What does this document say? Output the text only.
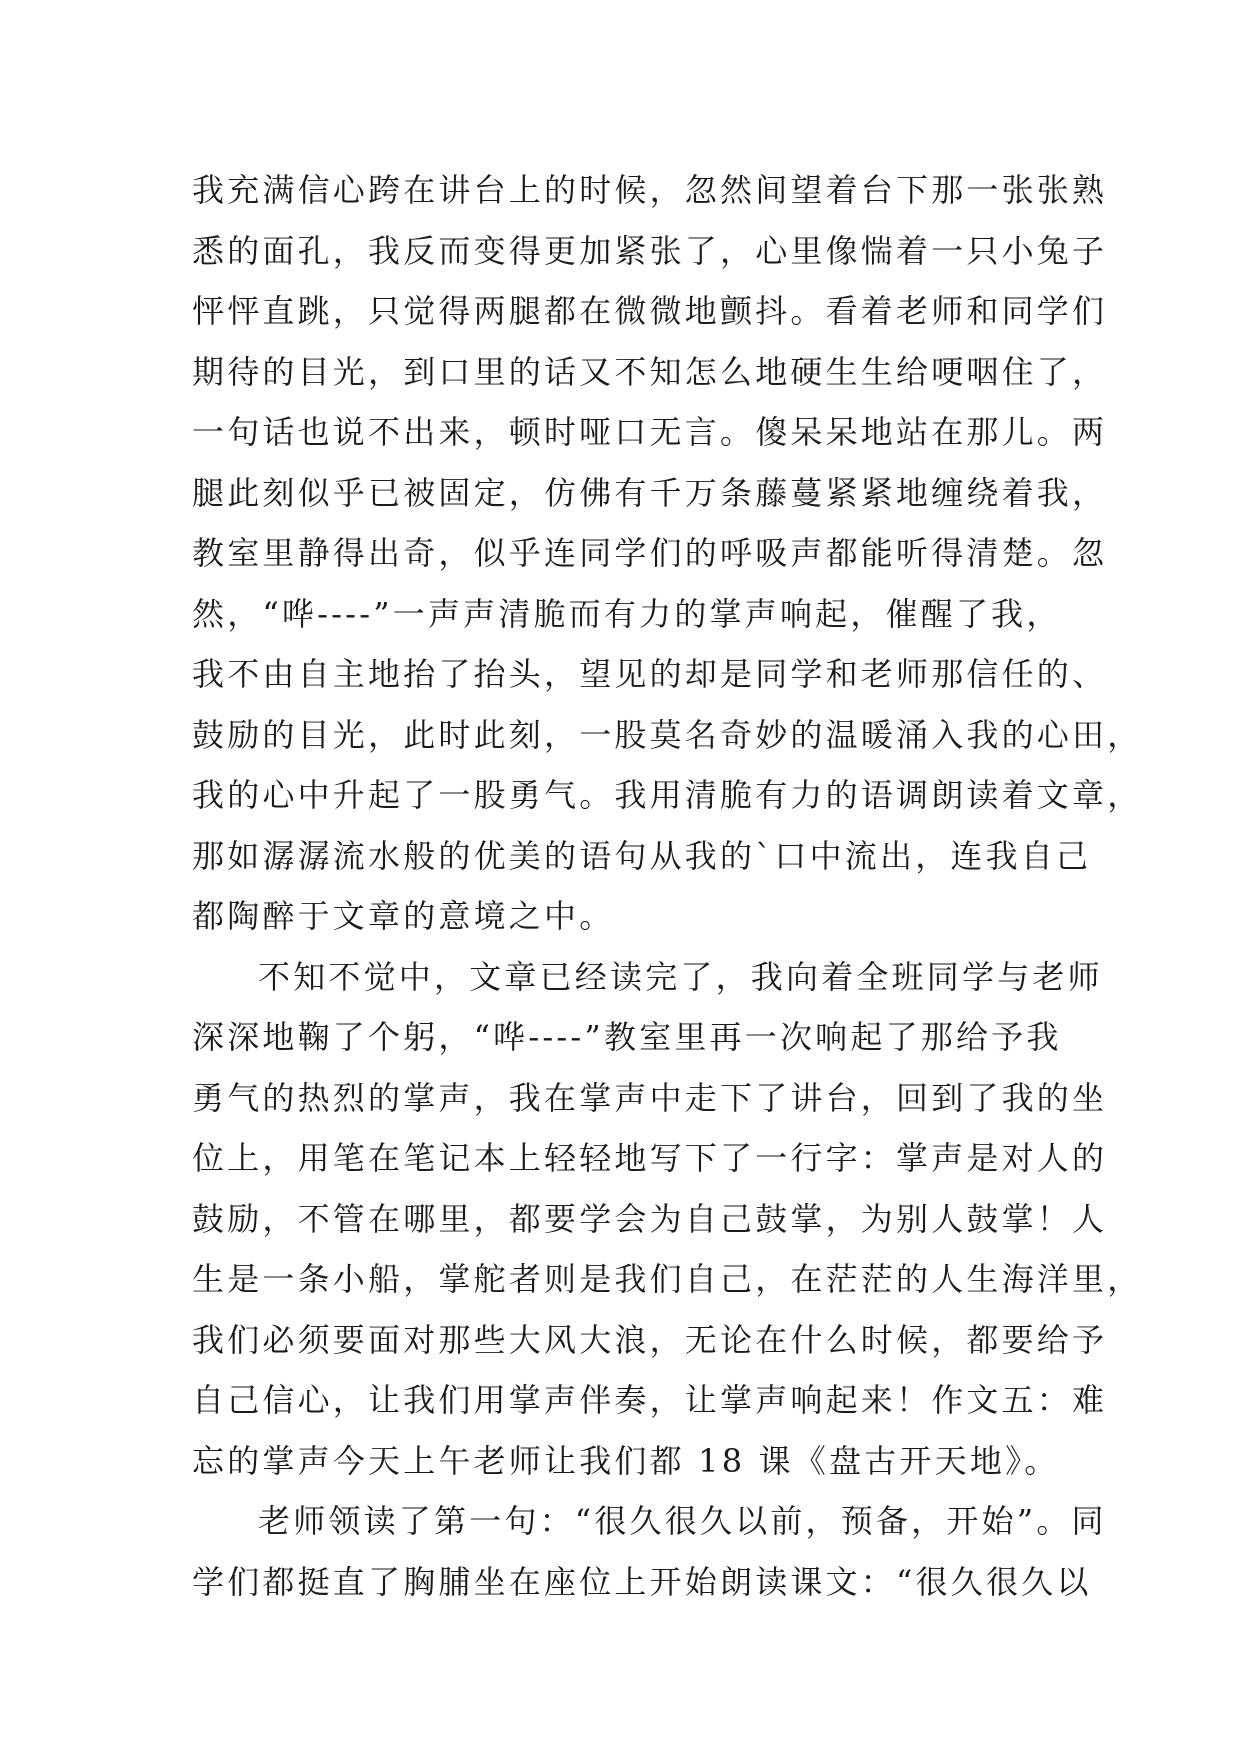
我充满信心跨在讲台上的时候，忽然间望着台下那一张张熟
悉的面孔，我反而变得更加紧张了，心里像惴着一只小兔子
怦怦直跳，只觉得两腿都在微微地颤抖。看着老师和同学们
期待的目光，到口里的话又不知怎么地硬生生给哽咽住了，
一句话也说不出来，顿时哑口无言。傻呆呆地站在那儿。两
腿此刻似乎已被固定，仿佛有千万条藤蔓紧紧地缠绕着我，
教室里静得出奇，似乎连同学们的呼吸声都能听得清楚。忽
然，“哗----”一声声清脆而有力的掌声响起，催醒了我，
我不由自主地抬了抬头，望见的却是同学和老师那信任的、
鼓励的目光，此时此刻，一股莫名奇妙的温暖涌入我的心田，
我的心中升起了一股勇气。我用清脆有力的语调朗读着文章，
那如潺潺流水般的优美的语句从我的`口中流出，连我自己
都陶醉于文章的意境之中。
不知不觉中，文章已经读完了，我向着全班同学与老师
深深地鞠了个躬，“哗----”教室里再一次响起了那给予我
勇气的热烈的掌声，我在掌声中走下了讲台，回到了我的坐
位上，用笔在笔记本上轻轻地写下了一行字：掌声是对人的
鼓励，不管在哪里，都要学会为自己鼓掌，为别人鼓掌！人
生是一条小船，掌舵者则是我们自己，在茫茫的人生海洋里，
我们必须要面对那些大风大浪，无论在什么时候，都要给予
自己信心，让我们用掌声伴奏，让掌声响起来！作文五：难
忘的掌声今天上午老师让我们都 18 课《盘古开天地》。
老师领读了第一句：“很久很久以前，预备，开始”。同
学们都挺直了胸脯坐在座位上开始朗读课文：“很久很久以
